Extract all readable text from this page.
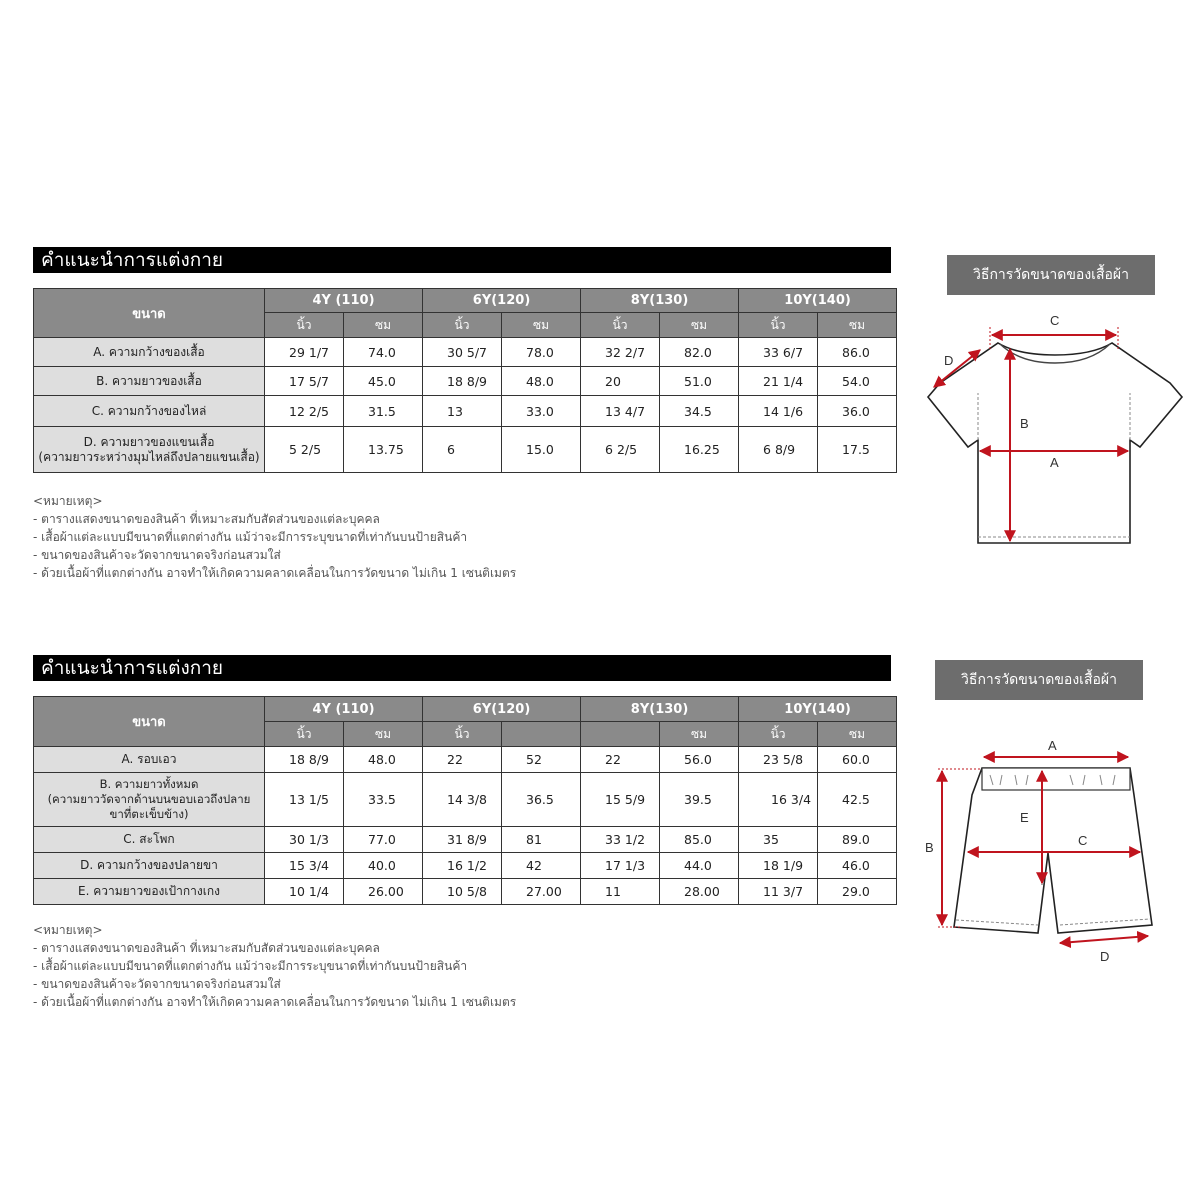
คำแนะนำการแต่งกาย
ขนาด	4Y (110)		6Y(120)		8Y(130)		10Y(140)	
	นิ้ว	ซม	นิ้ว	ซม	นิ้ว	ซม	นิ้ว	ซม
A. ความกว้างของเสื้อ	29 1/7	74.0	30 5/7	78.0	32 2/7	82.0	33 6/7	86.0
B. ความยาวของเสื้อ	17 5/7	45.0	18 8/9	48.0	20	51.0	21 1/4	54.0
C. ความกว้างของไหล่	12 2/5	31.5	13	33.0	13 4/7	34.5	14 1/6	36.0
D. ความยาวของแขนเสื้อ
(ความยาวระหว่างมุมไหล่ถึงปลายแขนเสื้อ)	5 2/5	13.75	6	15.0	6 2/5	16.25	6 8/9	17.5
<หมายเหตุ>
- ตารางแสดงขนาดของสินค้า ที่เหมาะสมกับสัดส่วนของแต่ละบุคคล
- เสื้อผ้าแต่ละแบบมีขนาดที่แตกต่างกัน แม้ว่าจะมีการระบุขนาดที่เท่ากันบนป้ายสินค้า
- ขนาดของสินค้าจะวัดจากขนาดจริงก่อนสวมใส่
- ด้วยเนื้อผ้าที่แตกต่างกัน อาจทำให้เกิดความคลาดเคลื่อนในการวัดขนาด ไม่เกิน 1 เซนติเมตร
วิธีการวัดขนาดของเสื้อผ้า
C
D
B
A
คำแนะนำการแต่งกาย
ขนาด	4Y (110)		6Y(120)		8Y(130)		10Y(140)	
	นิ้ว	ซม	นิ้ว			ซม	นิ้ว	ซม
A. รอบเอว	18 8/9	48.0	22	52	22	56.0	23 5/8	60.0
B. ความยาวทั้งหมด
(ความยาววัดจากด้านบนขอบเอวถึงปลาย
ขาที่ตะเข็บข้าง)	13 1/5	33.5	14 3/8	36.5	15 5/9	39.5	16 3/4	42.5
C. สะโพก	30 1/3	77.0	31 8/9	81	33 1/2	85.0	35	89.0
D. ความกว้างของปลายขา	15 3/4	40.0	16 1/2	42	17 1/3	44.0	18 1/9	46.0
E. ความยาวของเป้ากางเกง	10 1/4	26.00	10 5/8	27.00	11	28.00	11 3/7	29.0
<หมายเหตุ>
- ตารางแสดงขนาดของสินค้า ที่เหมาะสมกับสัดส่วนของแต่ละบุคคล
- เสื้อผ้าแต่ละแบบมีขนาดที่แตกต่างกัน แม้ว่าจะมีการระบุขนาดที่เท่ากันบนป้ายสินค้า
- ขนาดของสินค้าจะวัดจากขนาดจริงก่อนสวมใส่
- ด้วยเนื้อผ้าที่แตกต่างกัน อาจทำให้เกิดความคลาดเคลื่อนในการวัดขนาด ไม่เกิน 1 เซนติเมตร
วิธีการวัดขนาดของเสื้อผ้า
A
B
E
C
D
